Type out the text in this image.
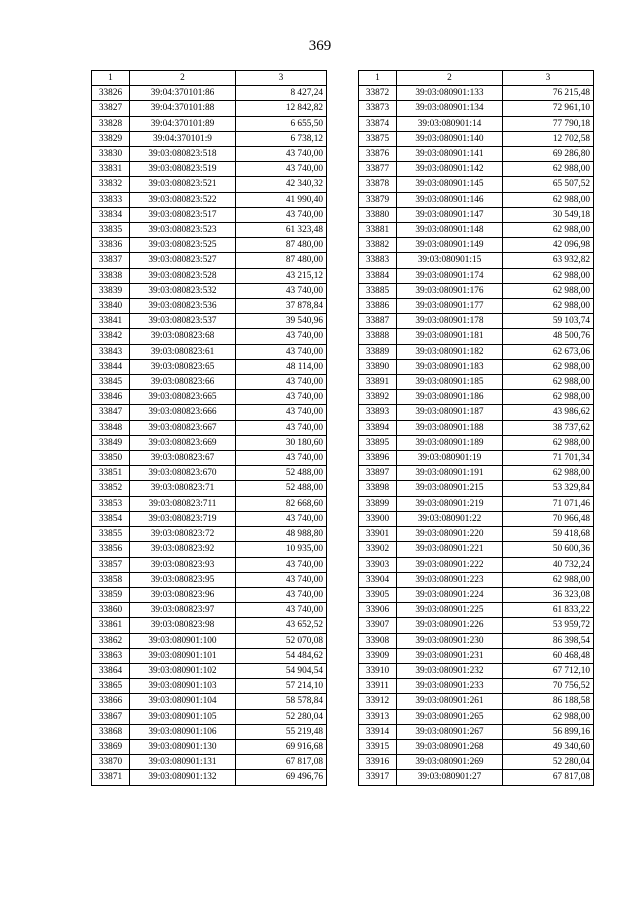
369
1	2	3
33826	39:04:370101:86	8 427,24
33827	39:04:370101:88	12 842,82
33828	39:04:370101:89	6 655,50
33829	39:04:370101:9	6 738,12
33830	39:03:080823:518	43 740,00
33831	39:03:080823:519	43 740,00
33832	39:03:080823:521	42 340,32
33833	39:03:080823:522	41 990,40
33834	39:03:080823:517	43 740,00
33835	39:03:080823:523	61 323,48
33836	39:03:080823:525	87 480,00
33837	39:03:080823:527	87 480,00
33838	39:03:080823:528	43 215,12
33839	39:03:080823:532	43 740,00
33840	39:03:080823:536	37 878,84
33841	39:03:080823:537	39 540,96
33842	39:03:080823:68	43 740,00
33843	39:03:080823:61	43 740,00
33844	39:03:080823:65	48 114,00
33845	39:03:080823:66	43 740,00
33846	39:03:080823:665	43 740,00
33847	39:03:080823:666	43 740,00
33848	39:03:080823:667	43 740,00
33849	39:03:080823:669	30 180,60
33850	39:03:080823:67	43 740,00
33851	39:03:080823:670	52 488,00
33852	39:03:080823:71	52 488,00
33853	39:03:080823:711	82 668,60
33854	39:03:080823:719	43 740,00
33855	39:03:080823:72	48 988,80
33856	39:03:080823:92	10 935,00
33857	39:03:080823:93	43 740,00
33858	39:03:080823:95	43 740,00
33859	39:03:080823:96	43 740,00
33860	39:03:080823:97	43 740,00
33861	39:03:080823:98	43 652,52
33862	39:03:080901:100	52 070,08
33863	39:03:080901:101	54 484,62
33864	39:03:080901:102	54 904,54
33865	39:03:080901:103	57 214,10
33866	39:03:080901:104	58 578,84
33867	39:03:080901:105	52 280,04
33868	39:03:080901:106	55 219,48
33869	39:03:080901:130	69 916,68
33870	39:03:080901:131	67 817,08
33871	39:03:080901:132	69 496,76
1	2	3
33872	39:03:080901:133	76 215,48
33873	39:03:080901:134	72 961,10
33874	39:03:080901:14	77 790,18
33875	39:03:080901:140	12 702,58
33876	39:03:080901:141	69 286,80
33877	39:03:080901:142	62 988,00
33878	39:03:080901:145	65 507,52
33879	39:03:080901:146	62 988,00
33880	39:03:080901:147	30 549,18
33881	39:03:080901:148	62 988,00
33882	39:03:080901:149	42 096,98
33883	39:03:080901:15	63 932,82
33884	39:03:080901:174	62 988,00
33885	39:03:080901:176	62 988,00
33886	39:03:080901:177	62 988,00
33887	39:03:080901:178	59 103,74
33888	39:03:080901:181	48 500,76
33889	39:03:080901:182	62 673,06
33890	39:03:080901:183	62 988,00
33891	39:03:080901:185	62 988,00
33892	39:03:080901:186	62 988,00
33893	39:03:080901:187	43 986,62
33894	39:03:080901:188	38 737,62
33895	39:03:080901:189	62 988,00
33896	39:03:080901:19	71 701,34
33897	39:03:080901:191	62 988,00
33898	39:03:080901:215	53 329,84
33899	39:03:080901:219	71 071,46
33900	39:03:080901:22	70 966,48
33901	39:03:080901:220	59 418,68
33902	39:03:080901:221	50 600,36
33903	39:03:080901:222	40 732,24
33904	39:03:080901:223	62 988,00
33905	39:03:080901:224	36 323,08
33906	39:03:080901:225	61 833,22
33907	39:03:080901:226	53 959,72
33908	39:03:080901:230	86 398,54
33909	39:03:080901:231	60 468,48
33910	39:03:080901:232	67 712,10
33911	39:03:080901:233	70 756,52
33912	39:03:080901:261	86 188,58
33913	39:03:080901:265	62 988,00
33914	39:03:080901:267	56 899,16
33915	39:03:080901:268	49 340,60
33916	39:03:080901:269	52 280,04
33917	39:03:080901:27	67 817,08
